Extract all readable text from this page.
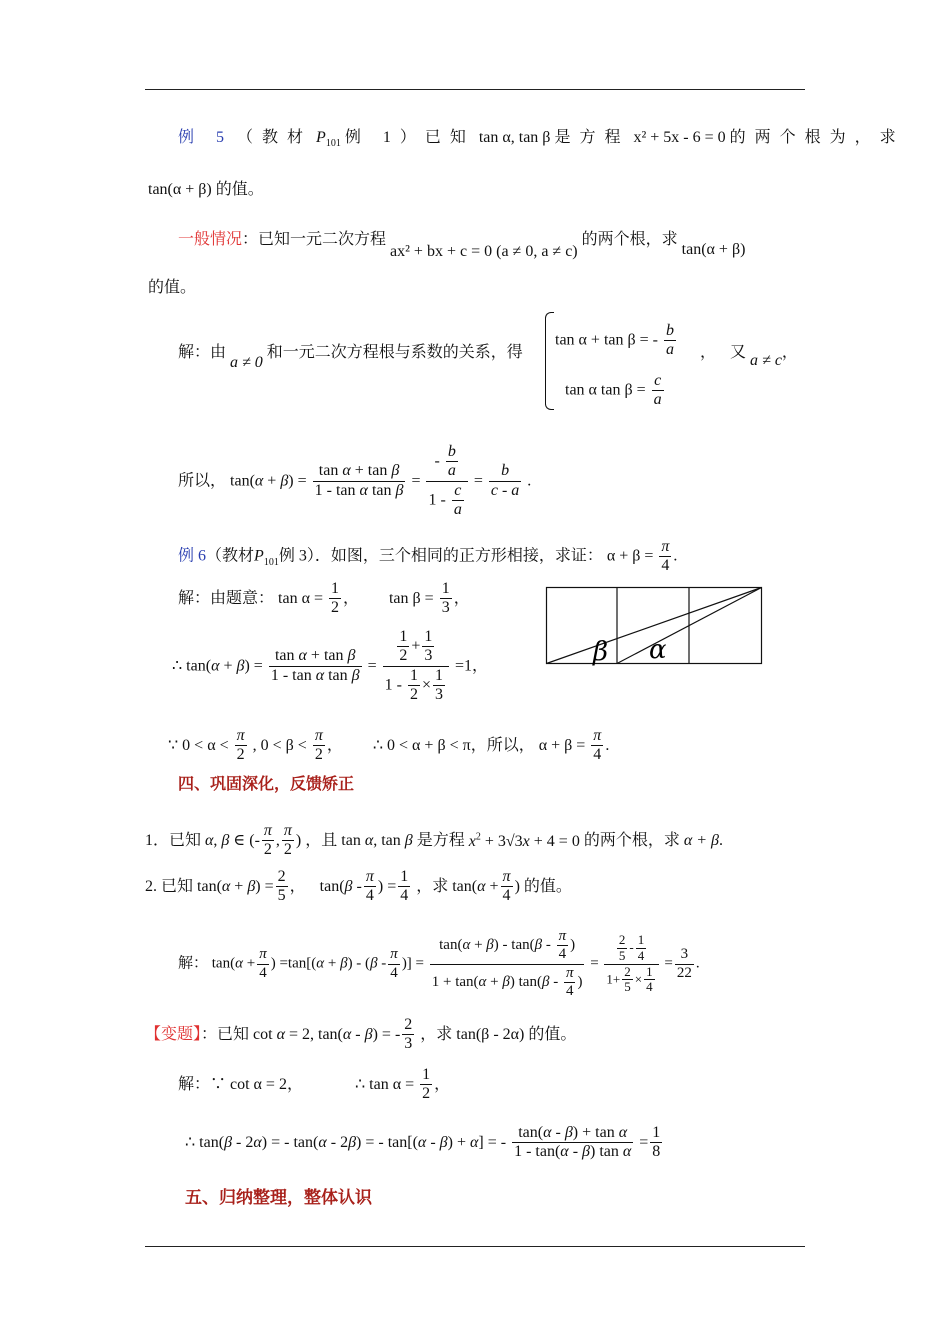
例 5 （教材 $P_{101}$ 例 1）已知 tan α, tan β 是方程 x² + 5x - 6 = 0 的两个根为，求
tan(α + β) 的值。
一般情况：已知一元二次方程 ax² + bx + c = 0 (a ≠ 0, a ≠ c) 的两个根，求 tan(α + β)
的值。
解：由 a ≠ 0 和一元二次方程根与系数的关系，得
tan α + tan β = - $\frac{b}{a}$
tan α $\tan \beta = \frac{c}{a}$
， 又 a ≠ c，
所以， $\tan(\alpha + \beta) = \frac{\text{tan α + tan β}}{\text{1 - tan α tan β}} = \frac{- \frac{b}{a}}{1 - \frac{c}{a}} = \frac{b}{c - a}$ .
例 6（教材$P_{101}$例 3）．如图，三个相同的正方形相接，求证： $\alpha + \beta = \frac{\pi}{4}$ .
解：由题意： $\tan \alpha = \frac{1}{2}$ ， $\tan \beta = \frac{1}{3}$ ，
∴ $\tan(\alpha + \beta) = \frac{\text{tan α + tan β}}{\text{1 - tan α tan β}} = \frac{\frac{1}{2} + \frac{1}{3}}{1 - \frac{1}{2} \times \frac{1}{3}} =1$，	β α
∵ $0 < \alpha < \frac{\pi}{2}$ , $0 < \beta < \frac{\pi}{2}$ ， ∴ 0 < α + β < π，所以， $\alpha + \beta = \frac{\pi}{4}$ .
四、巩固深化，反馈矫正
1．已知 α, β ∈ (- $\frac{\pi}{2}$ , $\frac{\pi}{2}$ ) ，且 tan α, tan β 是方程 $x^2 + 3√3x + 4 = 0$ 的两个根，求 α + β.
2. 已知 $\tan(\alpha + \beta) = \frac{2}{5}$ ， $\tan(\beta - \frac{\pi}{4}$ ) = $\frac{1}{4}$ ，求 $\tan(\alpha + \frac{\pi}{4}$ ) 的值。
解： $\tan(\alpha + \frac{\pi}{4}$ ) $=\tan[(\alpha + \beta) - (\beta - \frac{\pi}{4}$ )] = $\frac{\tan(\alpha + \beta) - \tan(\beta - \frac{\pi}{4} )}{1 + \tan(\alpha + \beta) \tan(\beta - \frac{\pi}{4} )} = \frac{\frac{2}{5} - \frac{1}{4}}{1+ \frac{2}{5} \times \frac{1}{4}} = \frac{3}{22}$ .
【变题】：已知 cot α = 2, tan(α - β) = - $\frac{2}{3}$ ，求 tan(β - 2α) 的值。
解：∵ cot α = 2，	∴ $\tan \alpha = \frac{1}{2}$ ，
∴ tan(β - 2α) = - tan(α - 2β) = - tan[(α - β) + α] = - $\frac{\text{tan(α - β) + tan α}}{\text{1 - tan(α - β) tan α}} = \frac{1}{8}$
五、归纳整理，整体认识
